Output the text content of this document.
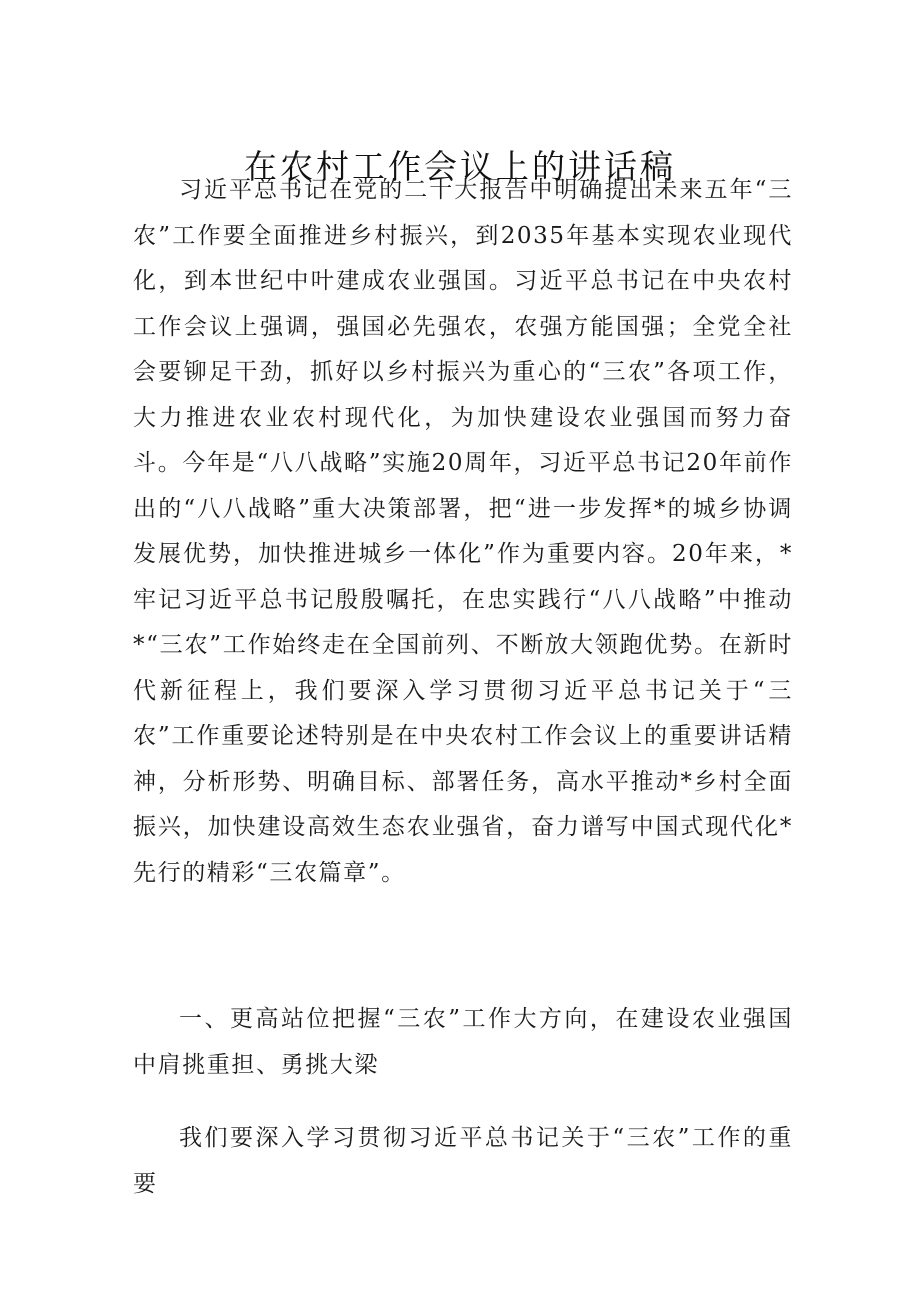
在农村工作会议上的讲话稿

习近平总书记在党的二十大报告中明确提出未来五年“三农”工作要全面推进乡村振兴，到2035年基本实现农业现代化，到本世纪中叶建成农业强国。习近平总书记在中央农村工作会议上强调，强国必先强农，农强方能国强；全党全社会要铆足干劲，抓好以乡村振兴为重心的“三农”各项工作，大力推进农业农村现代化，为加快建设农业强国而努力奋斗。今年是“八八战略”实施20周年，习近平总书记20年前作出的“八八战略”重大决策部署，把“进一步发挥*的城乡协调发展优势，加快推进城乡一体化”作为重要内容。20年来，*牢记习近平总书记殷殷嘱托，在忠实践行“八八战略”中推动*“三农”工作始终走在全国前列、不断放大领跑优势。在新时代新征程上，我们要深入学习贯彻习近平总书记关于“三农”工作重要论述特别是在中央农村工作会议上的重要讲话精神，分析形势、明确目标、部署任务，高水平推动*乡村全面振兴，加快建设高效生态农业强省，奋力谱写中国式现代化*先行的精彩“三农篇章”。

一、更高站位把握“三农”工作大方向，在建设农业强国中肩挑重担、勇挑大梁

我们要深入学习贯彻习近平总书记关于“三农”工作的重要
